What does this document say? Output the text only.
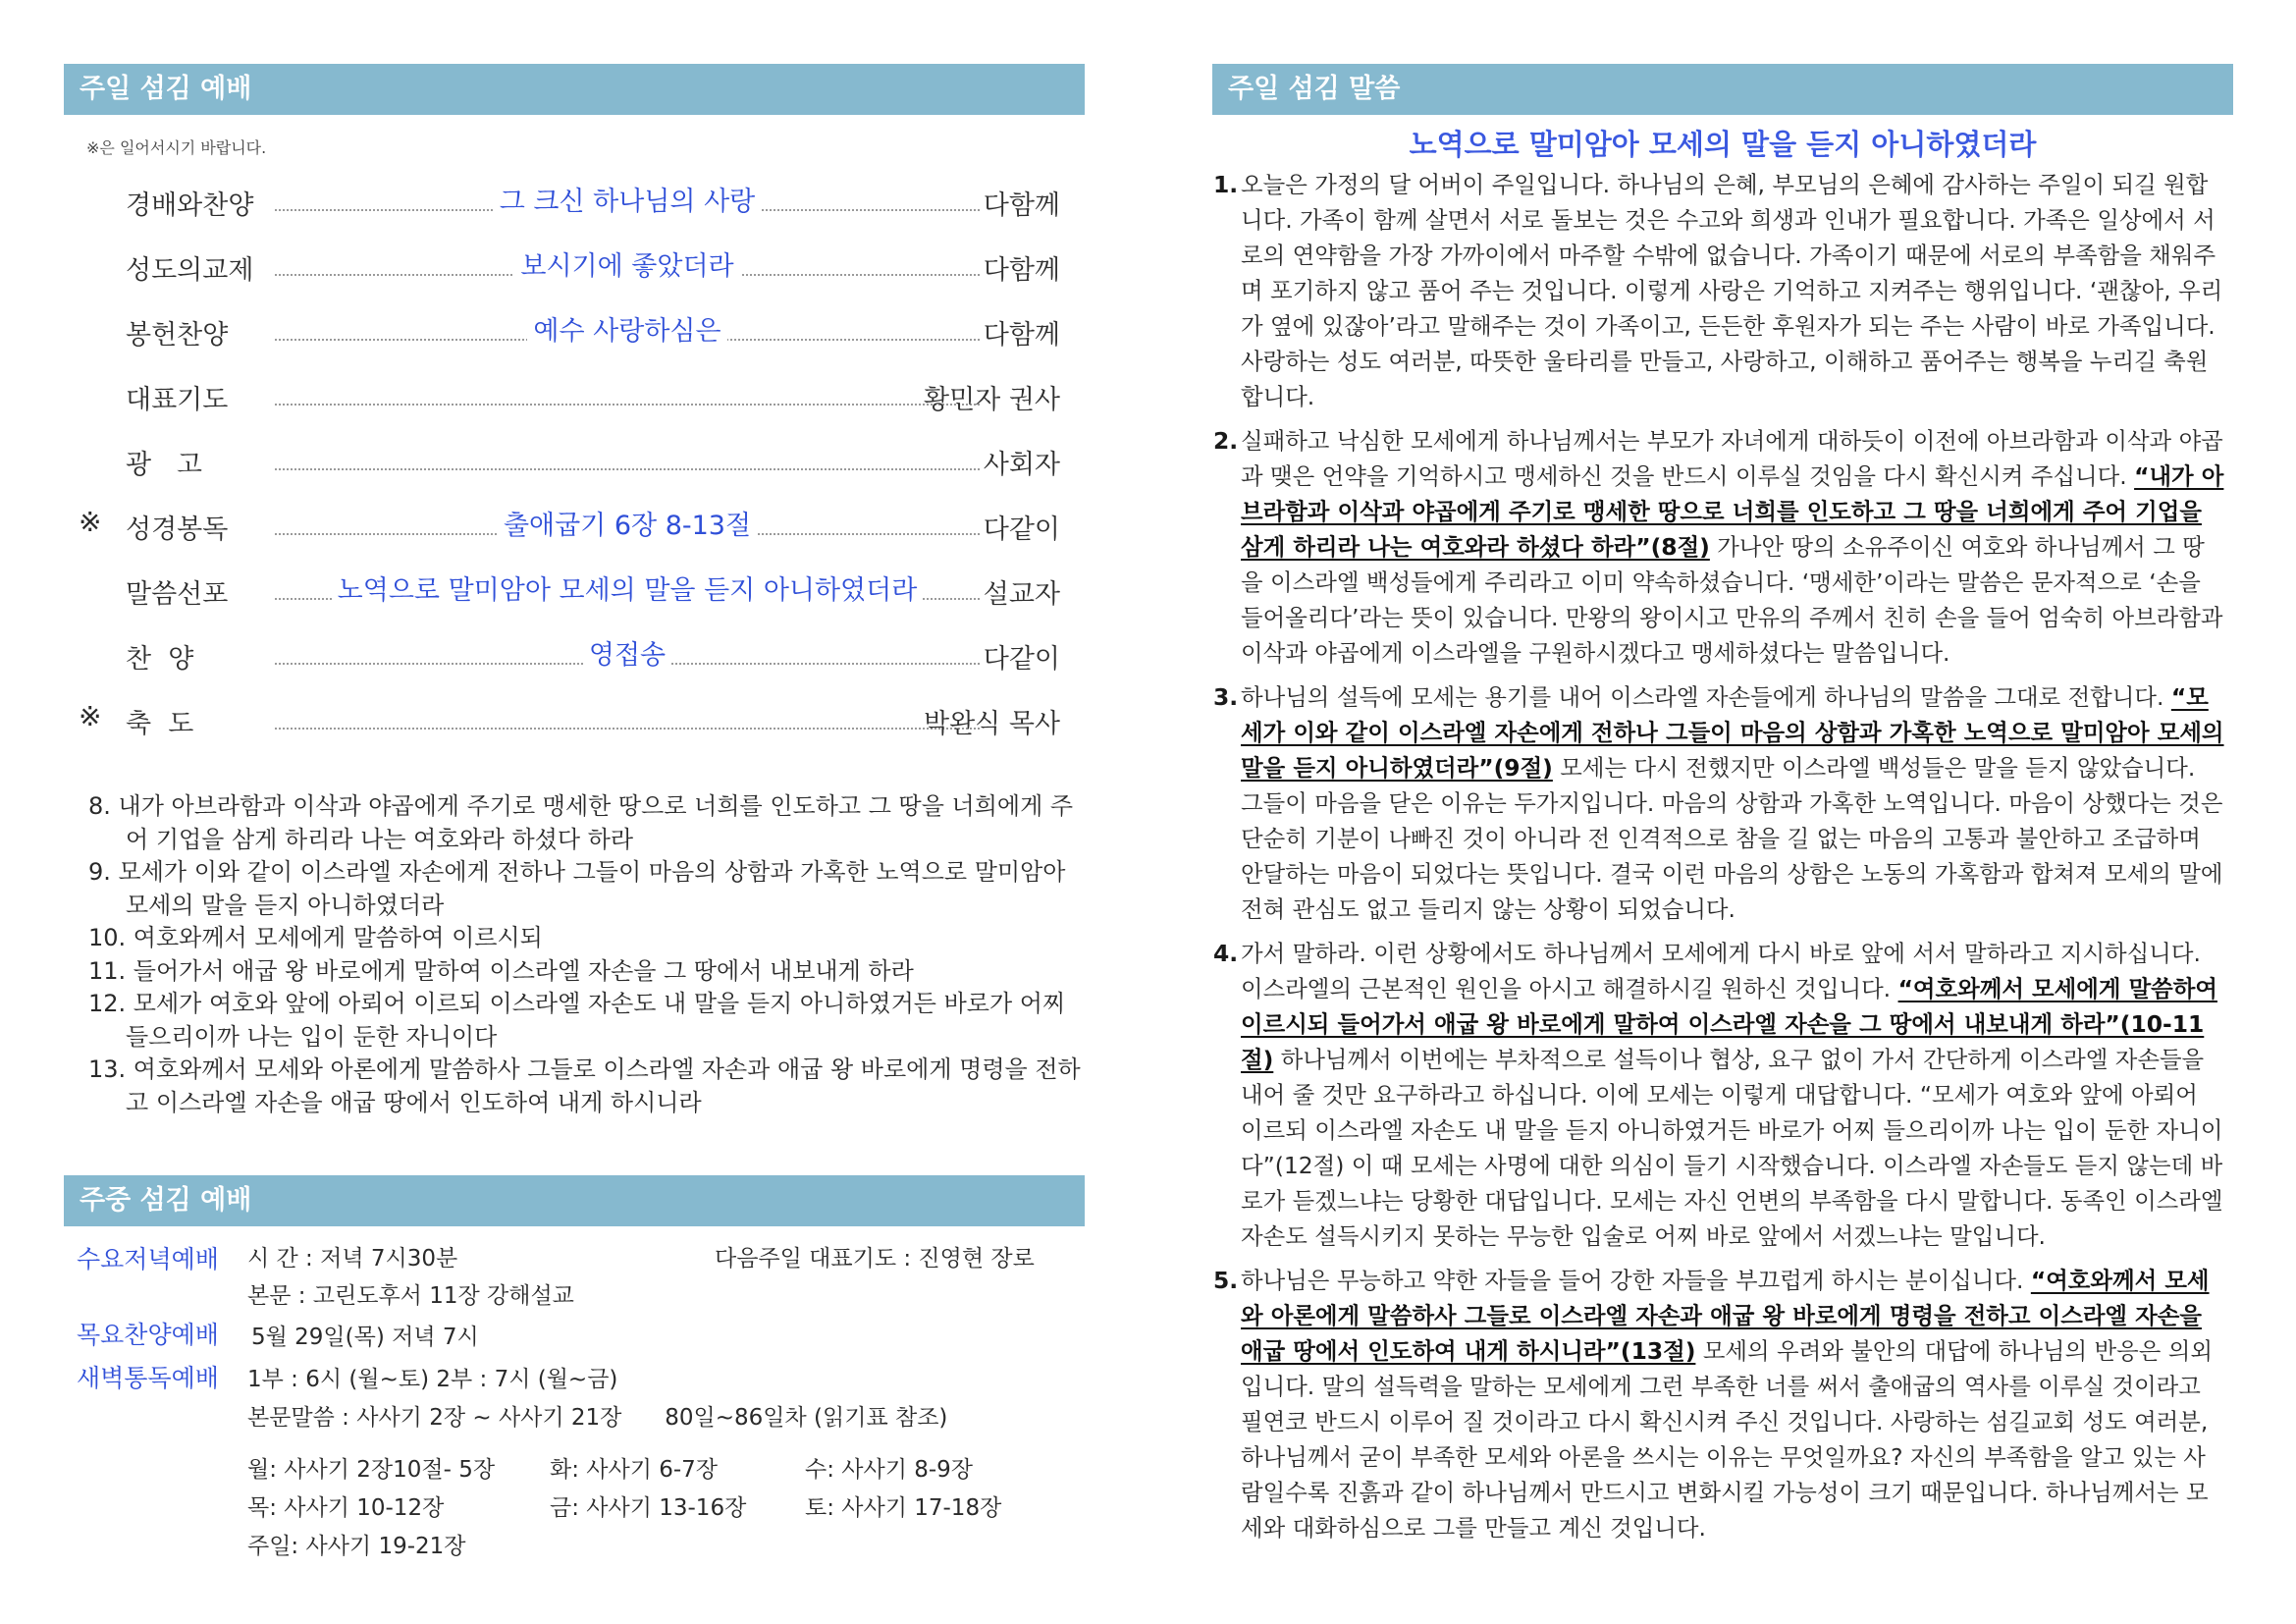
주일 섬김 예배
※은 일어서시기 바랍니다.
경배와찬양	그 크신 하나님의 사랑	다함께
성도의교제	보시기에 좋았더라	다함께
봉헌찬양	예수 사랑하심은	다함께
대표기도	황민자 권사
광   고	사회자
※ 성경봉독	출애굽기 6장 8-13절	다같이
말씀선포	노역으로 말미암아 모세의 말을 듣지 아니하였더라	설교자
찬  양	영접송	다같이
※ 축  도	박완식 목사
8. 내가 아브라함과 이삭과 야곱에게 주기로 맹세한 땅으로 너희를 인도하고 그 땅을 너희에게 주어 기업을 삼게 하리라 나는 여호와라 하셨다 하라
9. 모세가 이와 같이 이스라엘 자손에게 전하나 그들이 마음의 상함과 가혹한 노역으로 말미암아 모세의 말을 듣지 아니하였더라
10. 여호와께서 모세에게 말씀하여 이르시되
11. 들어가서 애굽 왕 바로에게 말하여 이스라엘 자손을 그 땅에서 내보내게 하라
12. 모세가 여호와 앞에 아뢰어 이르되 이스라엘 자손도 내 말을 듣지 아니하였거든 바로가 어찌 들으리이까 나는 입이 둔한 자니이다
13. 여호와께서 모세와 아론에게 말씀하사 그들로 이스라엘 자손과 애굽 왕 바로에게 명령을 전하고 이스라엘 자손을 애굽 땅에서 인도하여 내게 하시니라
주중 섬김 예배
수요저녁예배 시 간 : 저녁 7시30분	다음주일 대표기도 : 진영현 장로
본문 : 고린도후서 11장 강해설교
목요찬양예배 5월 29일(목) 저녁 7시
새벽통독예배 1부 : 6시 (월~토) 2부 : 7시 (월~금)
본문말씀 : 사사기 2장 ~ 사사기 21장      80일~86일차 (읽기표 참조)
월: 사사기 2장10절- 5장 화: 사사기 6-7장	수: 사사기 8-9장
목: 사사기 10-12장	금: 사사기 13-16장	토: 사사기 17-18장
주일: 사사기 19-21장
주일 섬김 말씀
노역으로 말미암아 모세의 말을 듣지 아니하였더라
1. 오늘은 가정의 달 어버이 주일입니다. 하나님의 은혜, 부모님의 은혜에 감사하는 주일이 되길 원합니다. 가족이 함께 살면서 서로 돌보는 것은 수고와 희생과 인내가 필요합니다. 가족은 일상에서 서로의 연약함을 가장 가까이에서 마주할 수밖에 없습니다. 가족이기 때문에 서로의 부족함을 채워주며 포기하지 않고 품어 주는 것입니다. 이렇게 사랑은 기억하고 지켜주는 행위입니다. ‘괜찮아, 우리가 옆에 있잖아’라고 말해주는 것이 가족이고, 든든한 후원자가 되는 주는 사람이 바로 가족입니다. 사랑하는 성도 여러분, 따뜻한 울타리를 만들고, 사랑하고, 이해하고 품어주는 행복을 누리길 축원합니다.
2. 실패하고 낙심한 모세에게 하나님께서는 부모가 자녀에게 대하듯이 이전에 아브라함과 이삭과 야곱과 맺은 언약을 기억하시고 맹세하신 것을 반드시 이루실 것임을 다시 확신시켜 주십니다. “내가 아브라함과 이삭과 야곱에게 주기로 맹세한 땅으로 너희를 인도하고 그 땅을 너희에게 주어 기업을 삼게 하리라 나는 여호와라 하셨다 하라”(8절) 가나안 땅의 소유주이신 여호와 하나님께서 그 땅을 이스라엘 백성들에게 주리라고 이미 약속하셨습니다. ‘맹세한’이라는 말씀은 문자적으로 ‘손을 들어올리다’라는 뜻이 있습니다. 만왕의 왕이시고 만유의 주께서 친히 손을 들어 엄숙히 아브라함과 이삭과 야곱에게 이스라엘을 구원하시겠다고 맹세하셨다는 말씀입니다.
3. 하나님의 설득에 모세는 용기를 내어 이스라엘 자손들에게 하나님의 말씀을 그대로 전합니다. “모세가 이와 같이 이스라엘 자손에게 전하나 그들이 마음의 상함과 가혹한 노역으로 말미암아 모세의 말을 듣지 아니하였더라”(9절) 모세는 다시 전했지만 이스라엘 백성들은 말을 듣지 않았습니다. 그들이 마음을 닫은 이유는 두가지입니다. 마음의 상함과 가혹한 노역입니다. 마음이 상했다는 것은 단순히 기분이 나빠진 것이 아니라 전 인격적으로 참을 길 없는 마음의 고통과 불안하고 조급하며 안달하는 마음이 되었다는 뜻입니다. 결국 이런 마음의 상함은 노동의 가혹함과 합쳐져 모세의 말에 전혀 관심도 없고 들리지 않는 상황이 되었습니다.
4. 가서 말하라. 이런 상황에서도 하나님께서 모세에게 다시 바로 앞에 서서 말하라고 지시하십니다. 이스라엘의 근본적인 원인을 아시고 해결하시길 원하신 것입니다. “여호와께서 모세에게 말씀하여 이르시되 들어가서 애굽 왕 바로에게 말하여 이스라엘 자손을 그 땅에서 내보내게 하라”(10-11절) 하나님께서 이번에는 부차적으로 설득이나 협상, 요구 없이 가서 간단하게 이스라엘 자손들을 내어 줄 것만 요구하라고 하십니다. 이에 모세는 이렇게 대답합니다. “모세가 여호와 앞에 아뢰어 이르되 이스라엘 자손도 내 말을 듣지 아니하였거든 바로가 어찌 들으리이까 나는 입이 둔한 자니이다”(12절) 이 때 모세는 사명에 대한 의심이 들기 시작했습니다. 이스라엘 자손들도 듣지 않는데 바로가 듣겠느냐는 당황한 대답입니다. 모세는 자신 언변의 부족함을 다시 말합니다. 동족인 이스라엘 자손도 설득시키지 못하는 무능한 입술로 어찌 바로 앞에서 서겠느냐는 말입니다.
5. 하나님은 무능하고 약한 자들을 들어 강한 자들을 부끄럽게 하시는 분이십니다. “여호와께서 모세와 아론에게 말씀하사 그들로 이스라엘 자손과 애굽 왕 바로에게 명령을 전하고 이스라엘 자손을 애굽 땅에서 인도하여 내게 하시니라”(13절) 모세의 우려와 불안의 대답에 하나님의 반응은 의외입니다. 말의 설득력을 말하는 모세에게 그런 부족한 너를 써서 출애굽의 역사를 이루실 것이라고 필연코 반드시 이루어 질 것이라고 다시 확신시켜 주신 것입니다. 사랑하는 섬길교회 성도 여러분, 하나님께서 굳이 부족한 모세와 아론을 쓰시는 이유는 무엇일까요? 자신의 부족함을 알고 있는 사람일수록 진흙과 같이 하나님께서 만드시고 변화시킬 가능성이 크기 때문입니다. 하나님께서는 모세와 대화하심으로 그를 만들고 계신 것입니다.
